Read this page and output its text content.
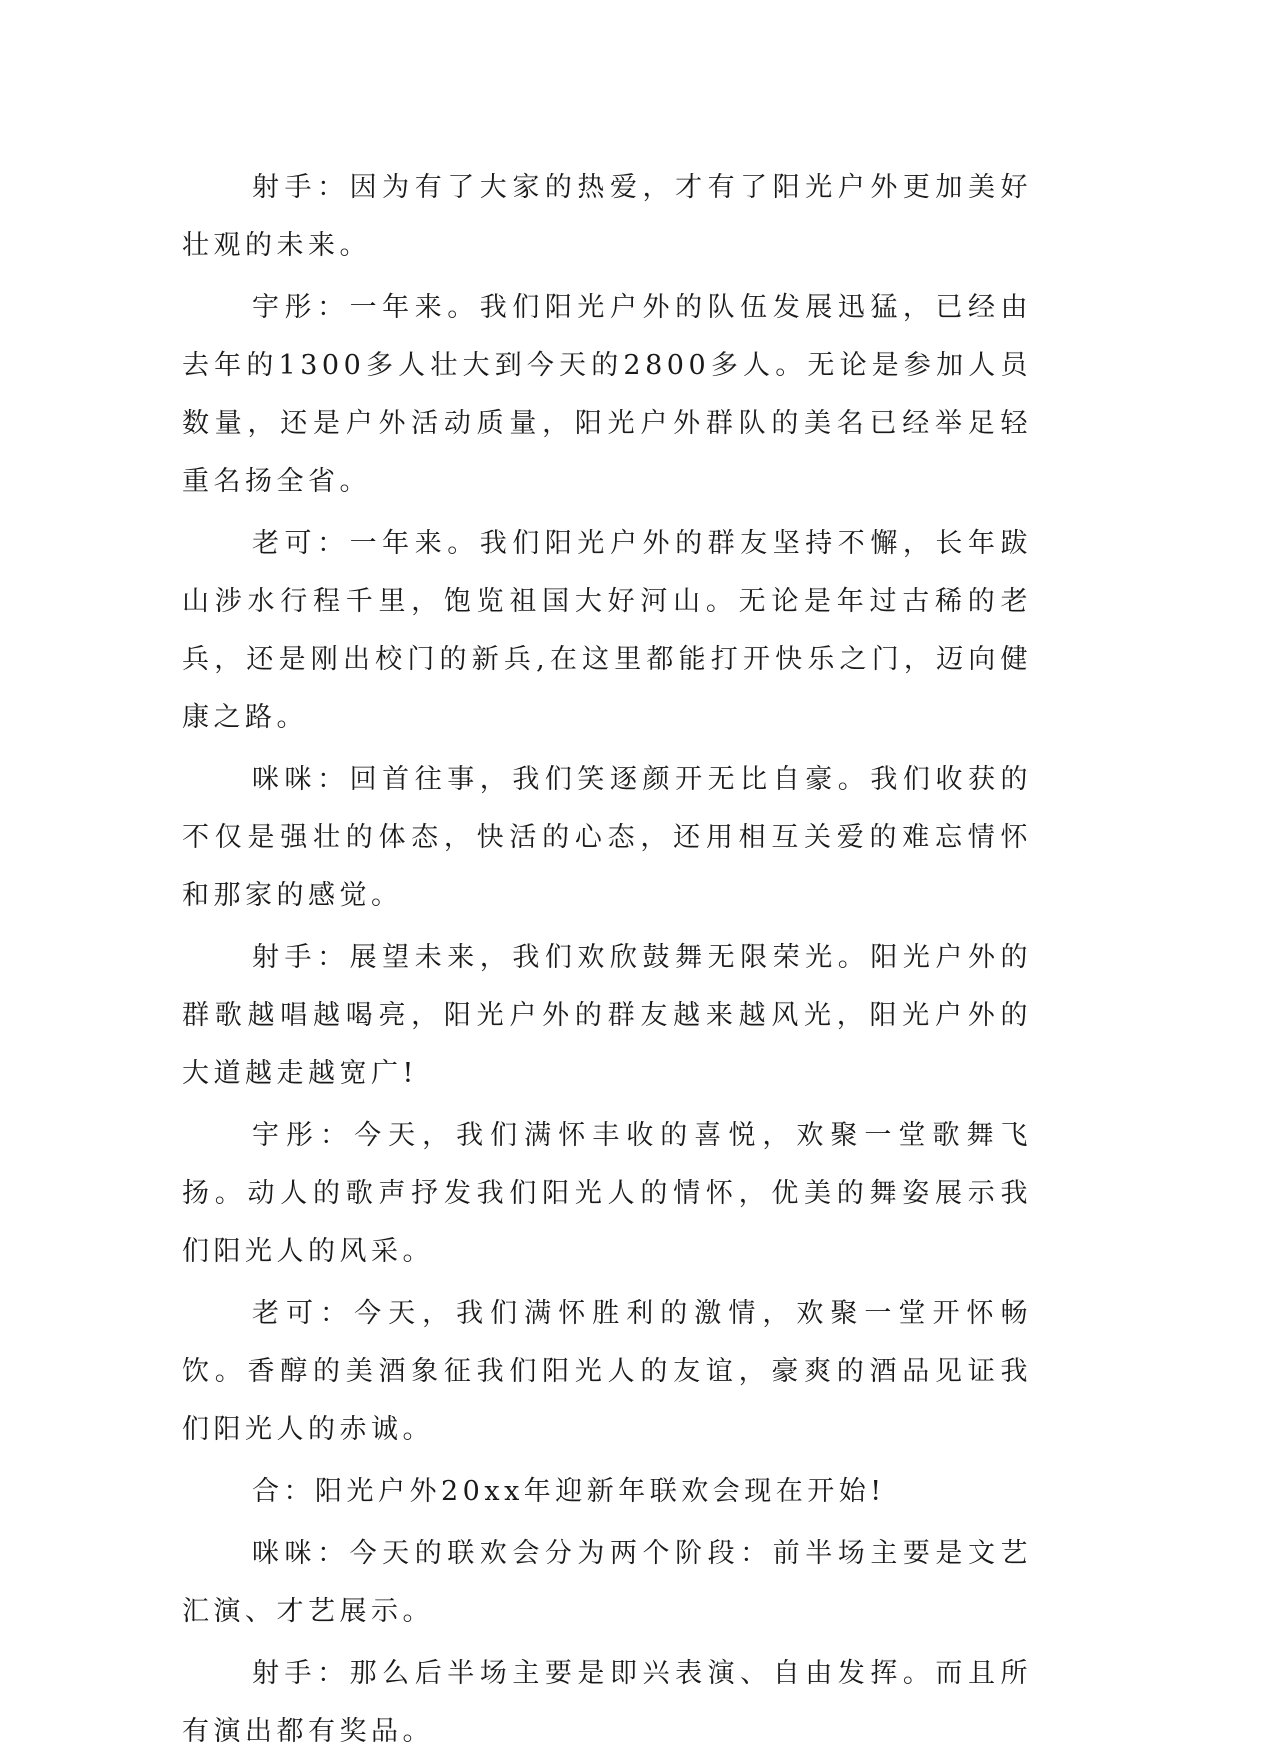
射手：因为有了大家的热爱，才有了阳光户外更加美好壮观的未来。

宇彤：一年来。我们阳光户外的队伍发展迅猛，已经由去年的1300多人壮大到今天的2800多人。无论是参加人员数量，还是户外活动质量，阳光户外群队的美名已经举足轻重名扬全省。

老可：一年来。我们阳光户外的群友坚持不懈，长年跋山涉水行程千里，饱览祖国大好河山。无论是年过古稀的老兵，还是刚出校门的新兵,在这里都能打开快乐之门，迈向健康之路。

咪咪：回首往事，我们笑逐颜开无比自豪。我们收获的不仅是强壮的体态，快活的心态，还用相互关爱的难忘情怀和那家的感觉。

射手：展望未来，我们欢欣鼓舞无限荣光。阳光户外的群歌越唱越喝亮，阳光户外的群友越来越风光，阳光户外的大道越走越宽广!

宇彤：今天，我们满怀丰收的喜悦，欢聚一堂歌舞飞扬。动人的歌声抒发我们阳光人的情怀，优美的舞姿展示我们阳光人的风采。

老可：今天，我们满怀胜利的激情，欢聚一堂开怀畅饮。香醇的美酒象征我们阳光人的友谊，豪爽的酒品见证我们阳光人的赤诚。

合：阳光户外20xx年迎新年联欢会现在开始!

咪咪：今天的联欢会分为两个阶段：前半场主要是文艺汇演、才艺展示。

射手：那么后半场主要是即兴表演、自由发挥。而且所有演出都有奖品。
